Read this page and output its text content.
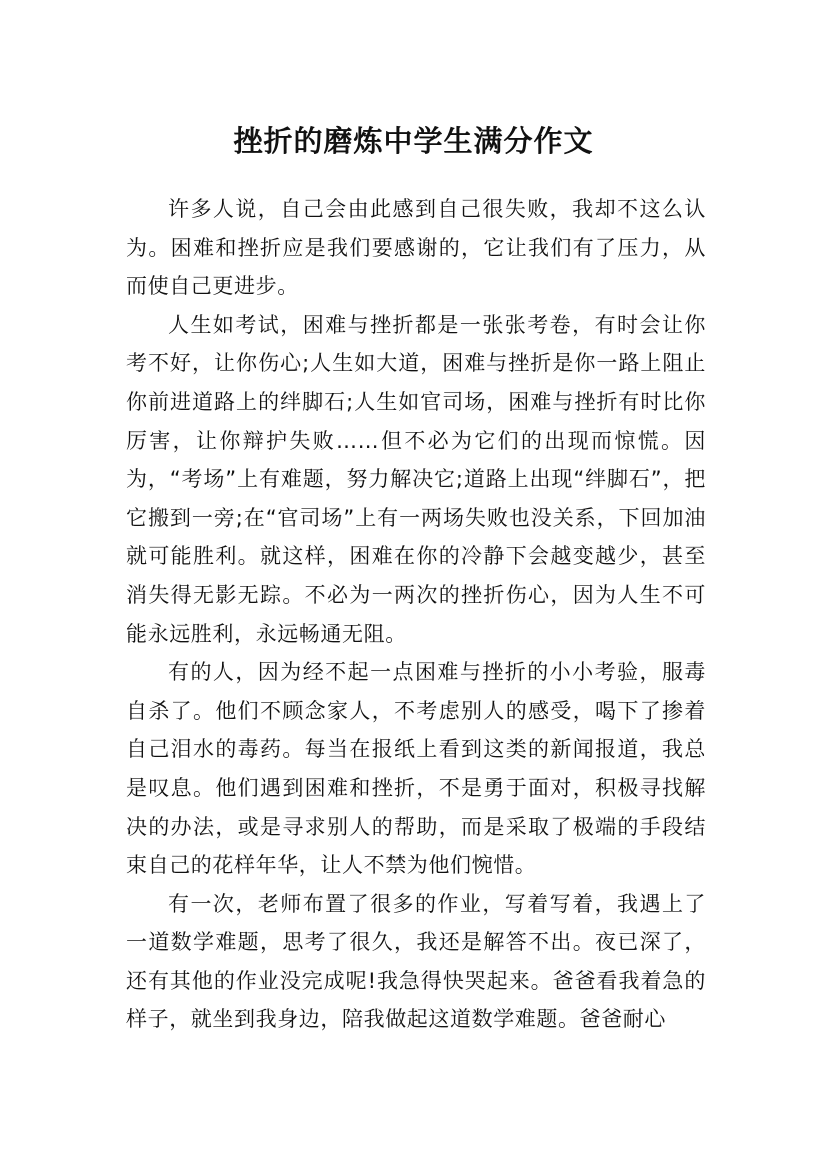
挫折的磨炼中学生满分作文

许多人说，自己会由此感到自己很失败，我却不这么认为。困难和挫折应是我们要感谢的，它让我们有了压力，从而使自己更进步。

人生如考试，困难与挫折都是一张张考卷，有时会让你考不好，让你伤心;人生如大道，困难与挫折是你一路上阻止你前进道路上的绊脚石;人生如官司场，困难与挫折有时比你厉害，让你辩护失败……但不必为它们的出现而惊慌。因为，“考场”上有难题，努力解决它;道路上出现“绊脚石”，把它搬到一旁;在“官司场”上有一两场失败也没关系，下回加油就可能胜利。就这样，困难在你的冷静下会越变越少，甚至消失得无影无踪。不必为一两次的挫折伤心，因为人生不可能永远胜利，永远畅通无阻。

有的人，因为经不起一点困难与挫折的小小考验，服毒自杀了。他们不顾念家人，不考虑别人的感受，喝下了掺着自己泪水的毒药。每当在报纸上看到这类的新闻报道，我总是叹息。他们遇到困难和挫折，不是勇于面对，积极寻找解决的办法，或是寻求别人的帮助，而是采取了极端的手段结束自己的花样年华，让人不禁为他们惋惜。

有一次，老师布置了很多的作业，写着写着，我遇上了一道数学难题，思考了很久，我还是解答不出。夜已深了，还有其他的作业没完成呢!我急得快哭起来。爸爸看我着急的样子，就坐到我身边，陪我做起这道数学难题。爸爸耐心
